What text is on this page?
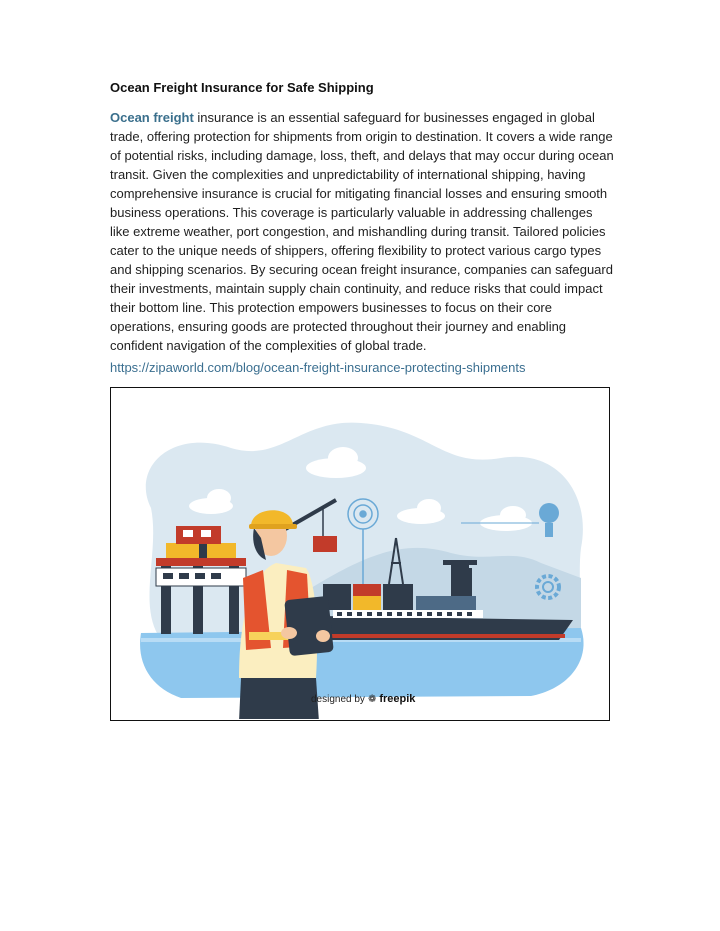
Ocean Freight Insurance for Safe Shipping

Ocean freight insurance is an essential safeguard for businesses engaged in global trade, offering protection for shipments from origin to destination. It covers a wide range of potential risks, including damage, loss, theft, and delays that may occur during ocean transit. Given the complexities and unpredictability of international shipping, having comprehensive insurance is crucial for mitigating financial losses and ensuring smooth business operations. This coverage is particularly valuable in addressing challenges like extreme weather, port congestion, and mishandling during transit. Tailored policies cater to the unique needs of shippers, offering flexibility to protect various cargo types and shipping scenarios. By securing ocean freight insurance, companies can safeguard their investments, maintain supply chain continuity, and reduce risks that could impact their bottom line. This protection empowers businesses to focus on their core operations, ensuring goods are protected throughout their journey and enabling confident navigation of the complexities of global trade.

https://zipaworld.com/blog/ocean-freight-insurance-protecting-shipments
designed by ❁ freepik
